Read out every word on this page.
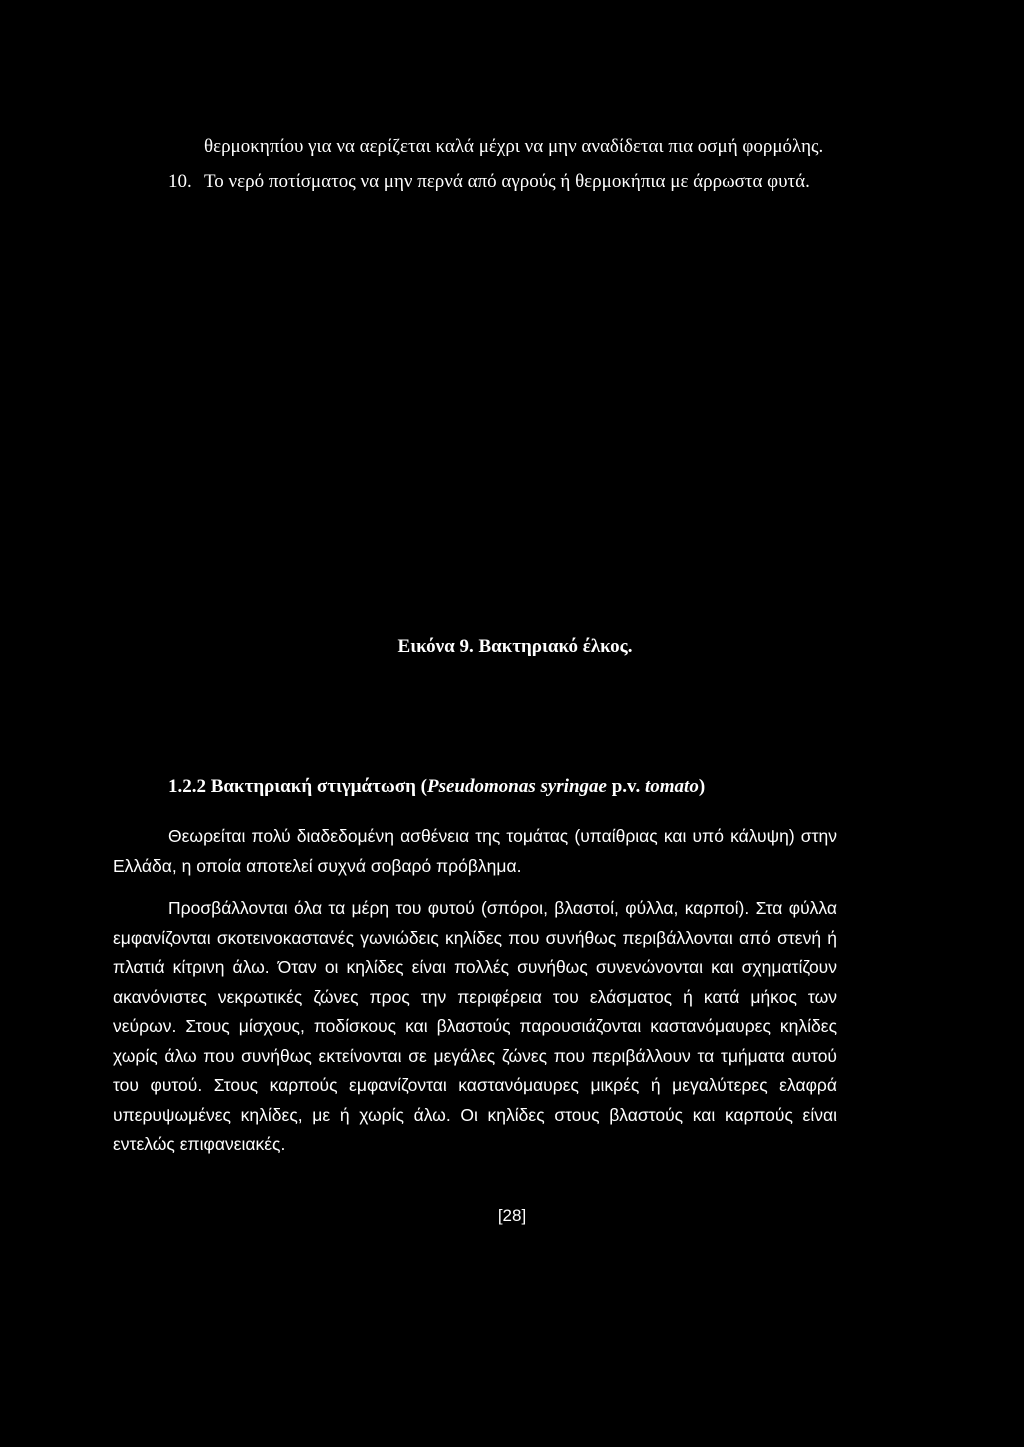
θερμοκηπίου για να αερίζεται καλά μέχρι να μην αναδίδεται πια οσμή φορμόλης.
10. Το νερό ποτίσματος να μην περνά από αγρούς ή θερμοκήπια με άρρωστα φυτά.
Εικόνα 9. Βακτηριακό έλκος.
1.2.2 Βακτηριακή στιγμάτωση (Pseudomonas syringae p.v. tomato)

Θεωρείται πολύ διαδεδομένη ασθένεια της τομάτας (υπαίθριας και υπό κάλυψη) στην Ελλάδα, η οποία αποτελεί συχνά σοβαρό πρόβλημα.

Προσβάλλονται όλα τα μέρη του φυτού (σπόροι, βλαστοί, φύλλα, καρποί). Στα φύλλα εμφανίζονται σκοτεινοκαστανές γωνιώδεις κηλίδες που συνήθως περιβάλλονται από στενή ή πλατιά κίτρινη άλω. Όταν οι κηλίδες είναι πολλές συνήθως συνενώνονται και σχηματίζουν ακανόνιστες νεκρωτικές ζώνες προς την περιφέρεια του ελάσματος ή κατά μήκος των νεύρων. Στους μίσχους, ποδίσκους και βλαστούς παρουσιάζονται καστανόμαυρες κηλίδες χωρίς άλω που συνήθως εκτείνονται σε μεγάλες ζώνες που περιβάλλουν τα τμήματα αυτού του φυτού. Στους καρπούς εμφανίζονται καστανόμαυρες μικρές ή μεγαλύτερες ελαφρά υπερυψωμένες κηλίδες, με ή χωρίς άλω. Οι κηλίδες στους βλαστούς και καρπούς είναι εντελώς επιφανειακές.

[28]
